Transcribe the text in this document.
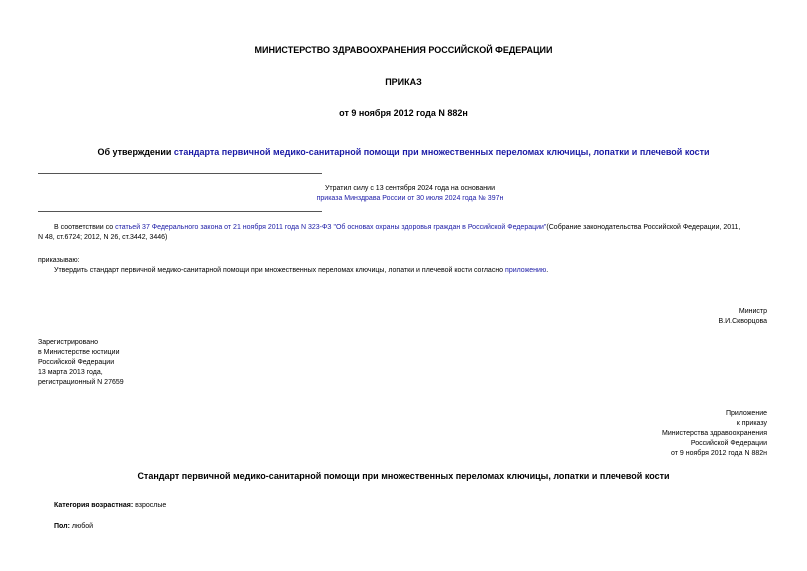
МИНИСТЕРСТВО ЗДРАВООХРАНЕНИЯ РОССИЙСКОЙ ФЕДЕРАЦИИ
ПРИКАЗ
от 9 ноября 2012 года N 882н
Об утверждении стандарта первичной медико-санитарной помощи при множественных переломах ключицы, лопатки и плечевой кости
Утратил силу с 13 сентября 2024 года на основании
приказа Минздрава России от 30 июля 2024 года № 397н
В соответствии со статьей 37 Федерального закона от 21 ноября 2011 года N 323-ФЗ "Об основах охраны здоровья граждан в Российской Федерации"(Собрание законодательства Российской Федерации, 2011,
N 48, ст.6724; 2012, N 26, ст.3442, 3446)
приказываю:
Утвердить стандарт первичной медико-санитарной помощи при множественных переломах ключицы, лопатки и плечевой кости согласно приложению.
Министр
В.И.Скворцова
Зарегистрировано
в Министерстве юстиции
Российской Федерации
13 марта 2013 года,
регистрационный N 27659
Приложение
к приказу
Министерства здравоохранения
Российской Федерации
от 9 ноября 2012 года N 882н
Стандарт первичной медико-санитарной помощи при множественных переломах ключицы, лопатки и плечевой кости
Категория возрастная: взрослые
Пол: любой
